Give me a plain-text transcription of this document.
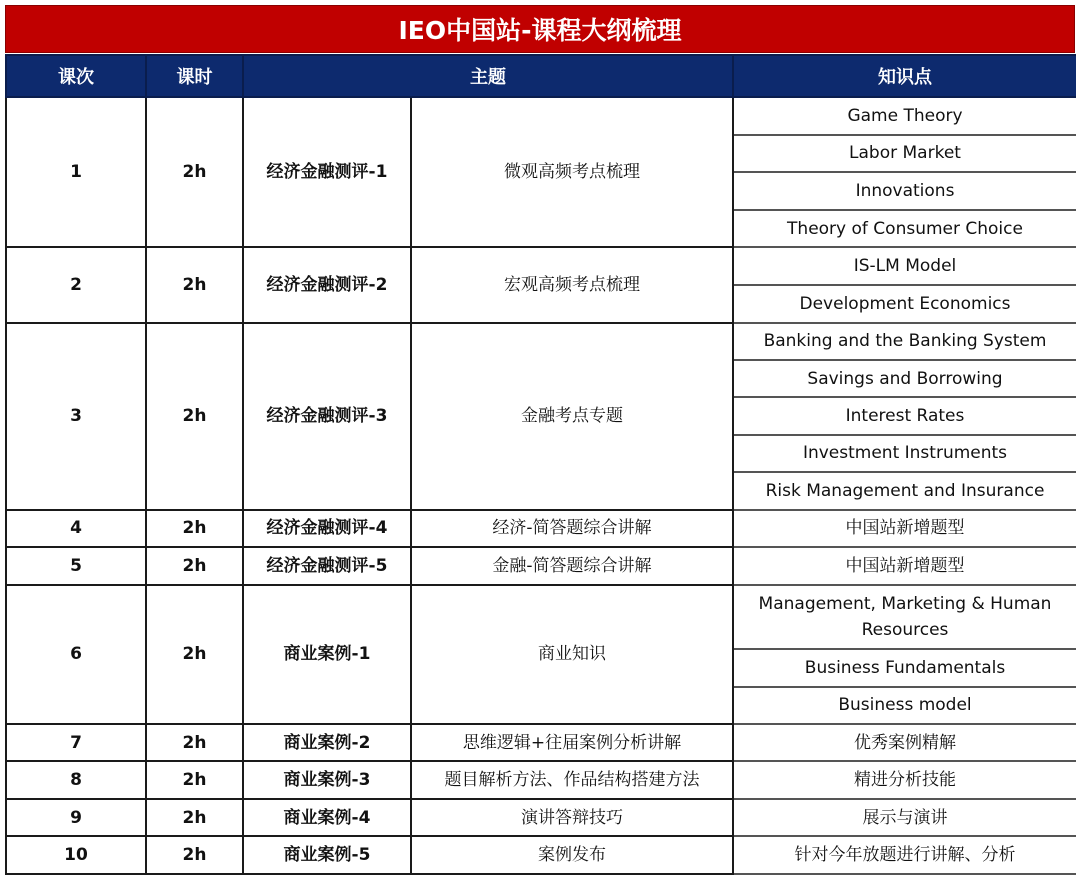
IEO中国站-课程大纲梳理
课次	课时	主题		知识点
1	2h	经济金融测评-1	微观高频考点梳理	Game Theory
				Labor Market
				Innovations
				Theory of Consumer Choice
2	2h	经济金融测评-2	宏观高频考点梳理	IS-LM Model
				Development Economics
3	2h	经济金融测评-3	金融考点专题	Banking and the Banking System
				Savings and Borrowing
				Interest Rates
				Investment Instruments
				Risk Management and Insurance
4	2h	经济金融测评-4	经济-简答题综合讲解	中国站新增题型
5	2h	经济金融测评-5	金融-简答题综合讲解	中国站新增题型
6	2h	商业案例-1	商业知识	Management, Marketing & Human Resources
				Business Fundamentals
				Business model
7	2h	商业案例-2	思维逻辑+往届案例分析讲解	优秀案例精解
8	2h	商业案例-3	题目解析方法、作品结构搭建方法	精进分析技能
9	2h	商业案例-4	演讲答辩技巧	展示与演讲
10	2h	商业案例-5	案例发布	针对今年放题进行讲解、分析
